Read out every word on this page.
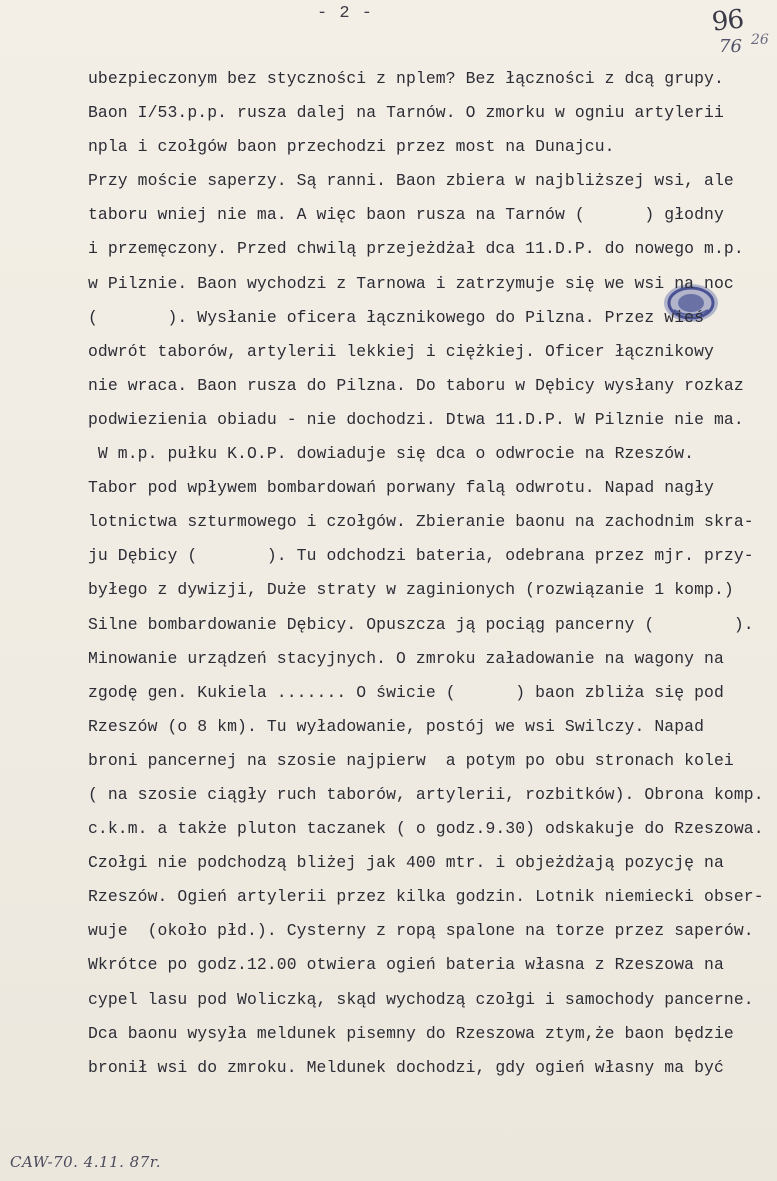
- 2 -	96
76 26
ubezpieczonym bez styczności z nplem? Bez łączności z dcą grupy.
Baon I/53.p.p. rusza dalej na Tarnów. O zmorku w ogniu artylerii
npla i czołgów baon przechodzi przez most na Dunajcu.
Przy moście saperzy. Są ranni. Baon zbiera w najbliższej wsi, ale
taboru wniej nie ma. A więc baon rusza na Tarnów (      ) głodny
i przemęczony. Przed chwilą przejeżdżał dca 11.D.P. do nowego m.p.
w Pilznie. Baon wychodzi z Tarnowa i zatrzymuje się we wsi na noc
(       ). Wysłanie oficera łącznikowego do Pilzna. Przez wieś
odwrót taborów, artylerii lekkiej i ciężkiej. Oficer łącznikowy
nie wraca. Baon rusza do Pilzna. Do taboru w Dębicy wysłany rozkaz
podwiezienia obiadu - nie dochodzi. Dtwa 11.D.P. W Pilznie nie ma.
W m.p. pułku K.O.P. dowiaduje się dca o odwrocie na Rzeszów.
Tabor pod wpływem bombardowań porwany falą odwrotu. Napad nagły
lotnictwa szturmowego i czołgów. Zbieranie baonu na zachodnim skra-
ju Dębicy (       ). Tu odchodzi bateria, odebrana przez mjr. przy-
byłego z dywizji, Duże straty w zaginionych (rozwiązanie 1 komp.)
Silne bombardowanie Dębicy. Opuszcza ją pociąg pancerny (        ).
Minowanie urządzeń stacyjnych. O zmroku załadowanie na wagony na
zgodę gen. Kukiela ....... O świcie (      ) baon zbliża się pod
Rzeszów (o 8 km). Tu wyładowanie, postój we wsi Swilczy. Napad
broni pancernej na szosie najpierw  a potym po obu stronach kolei
( na szosie ciągły ruch taborów, artylerii, rozbitków). Obrona komp.
c.k.m. a także pluton taczanek ( o godz.9.30) odskakuje do Rzeszowa.
Czołgi nie podchodzą bliżej jak 400 mtr. i objeżdżają pozycję na
Rzeszów. Ogień artylerii przez kilka godzin. Lotnik niemiecki obser-
wuje  (około płd.). Cysterny z ropą spalone na torze przez saperów.
Wkrótce po godz.12.00 otwiera ogień bateria własna z Rzeszowa na
cypel lasu pod Woliczką, skąd wychodzą czołgi i samochody pancerne.
Dca baonu wysyła meldunek pisemny do Rzeszowa ztym,że baon będzie
bronił wsi do zmroku. Meldunek dochodzi, gdy ogień własny ma być
CAW-70. 4.11. 87r.
